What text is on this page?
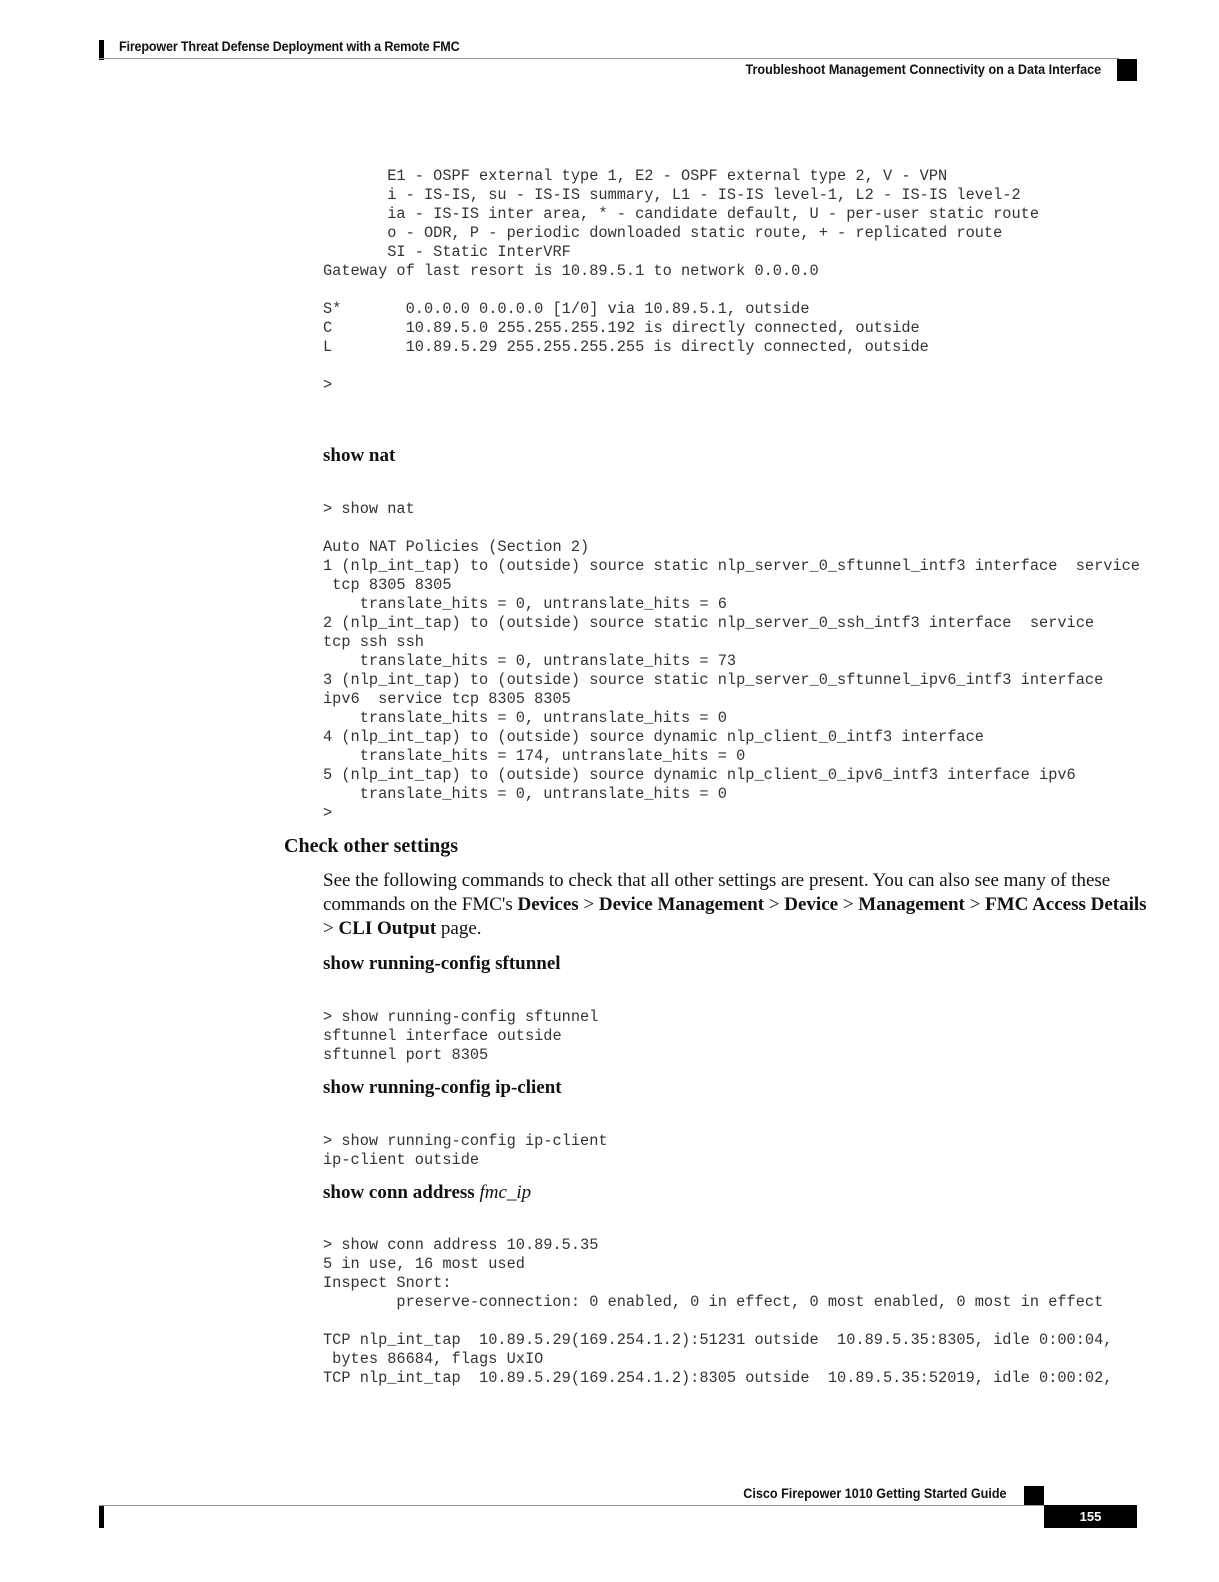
Firepower Threat Defense Deployment with a Remote FMC
Troubleshoot Management Connectivity on a Data Interface
E1 - OSPF external type 1, E2 - OSPF external type 2, V - VPN
i - IS-IS, su - IS-IS summary, L1 - IS-IS level-1, L2 - IS-IS level-2
ia - IS-IS inter area, * - candidate default, U - per-user static route
o - ODR, P - periodic downloaded static route, + - replicated route
SI - Static InterVRF
Gateway of last resort is 10.89.5.1 to network 0.0.0.0

S*       0.0.0.0 0.0.0.0 [1/0] via 10.89.5.1, outside
C        10.89.5.0 255.255.255.192 is directly connected, outside
L        10.89.5.29 255.255.255.255 is directly connected, outside

>
show nat
> show nat

Auto NAT Policies (Section 2)
1 (nlp_int_tap) to (outside) source static nlp_server_0_sftunnel_intf3 interface  service
tcp 8305 8305
translate_hits = 0, untranslate_hits = 6
2 (nlp_int_tap) to (outside) source static nlp_server_0_ssh_intf3 interface  service
tcp ssh ssh
translate_hits = 0, untranslate_hits = 73
3 (nlp_int_tap) to (outside) source static nlp_server_0_sftunnel_ipv6_intf3 interface
ipv6  service tcp 8305 8305
translate_hits = 0, untranslate_hits = 0
4 (nlp_int_tap) to (outside) source dynamic nlp_client_0_intf3 interface
translate_hits = 174, untranslate_hits = 0
5 (nlp_int_tap) to (outside) source dynamic nlp_client_0_ipv6_intf3 interface ipv6
translate_hits = 0, untranslate_hits = 0
>
Check other settings
See the following commands to check that all other settings are present. You can also see many of these commands on the FMC's Devices > Device Management > Device > Management > FMC Access Details > CLI Output page.
show running-config sftunnel
> show running-config sftunnel
sftunnel interface outside
sftunnel port 8305
show running-config ip-client
> show running-config ip-client
ip-client outside
show conn address fmc_ip
> show conn address 10.89.5.35
5 in use, 16 most used
Inspect Snort:
preserve-connection: 0 enabled, 0 in effect, 0 most enabled, 0 most in effect

TCP nlp_int_tap  10.89.5.29(169.254.1.2):51231 outside  10.89.5.35:8305, idle 0:00:04,
bytes 86684, flags UxIO
TCP nlp_int_tap  10.89.5.29(169.254.1.2):8305 outside  10.89.5.35:52019, idle 0:00:02,
Cisco Firepower 1010 Getting Started Guide
155
